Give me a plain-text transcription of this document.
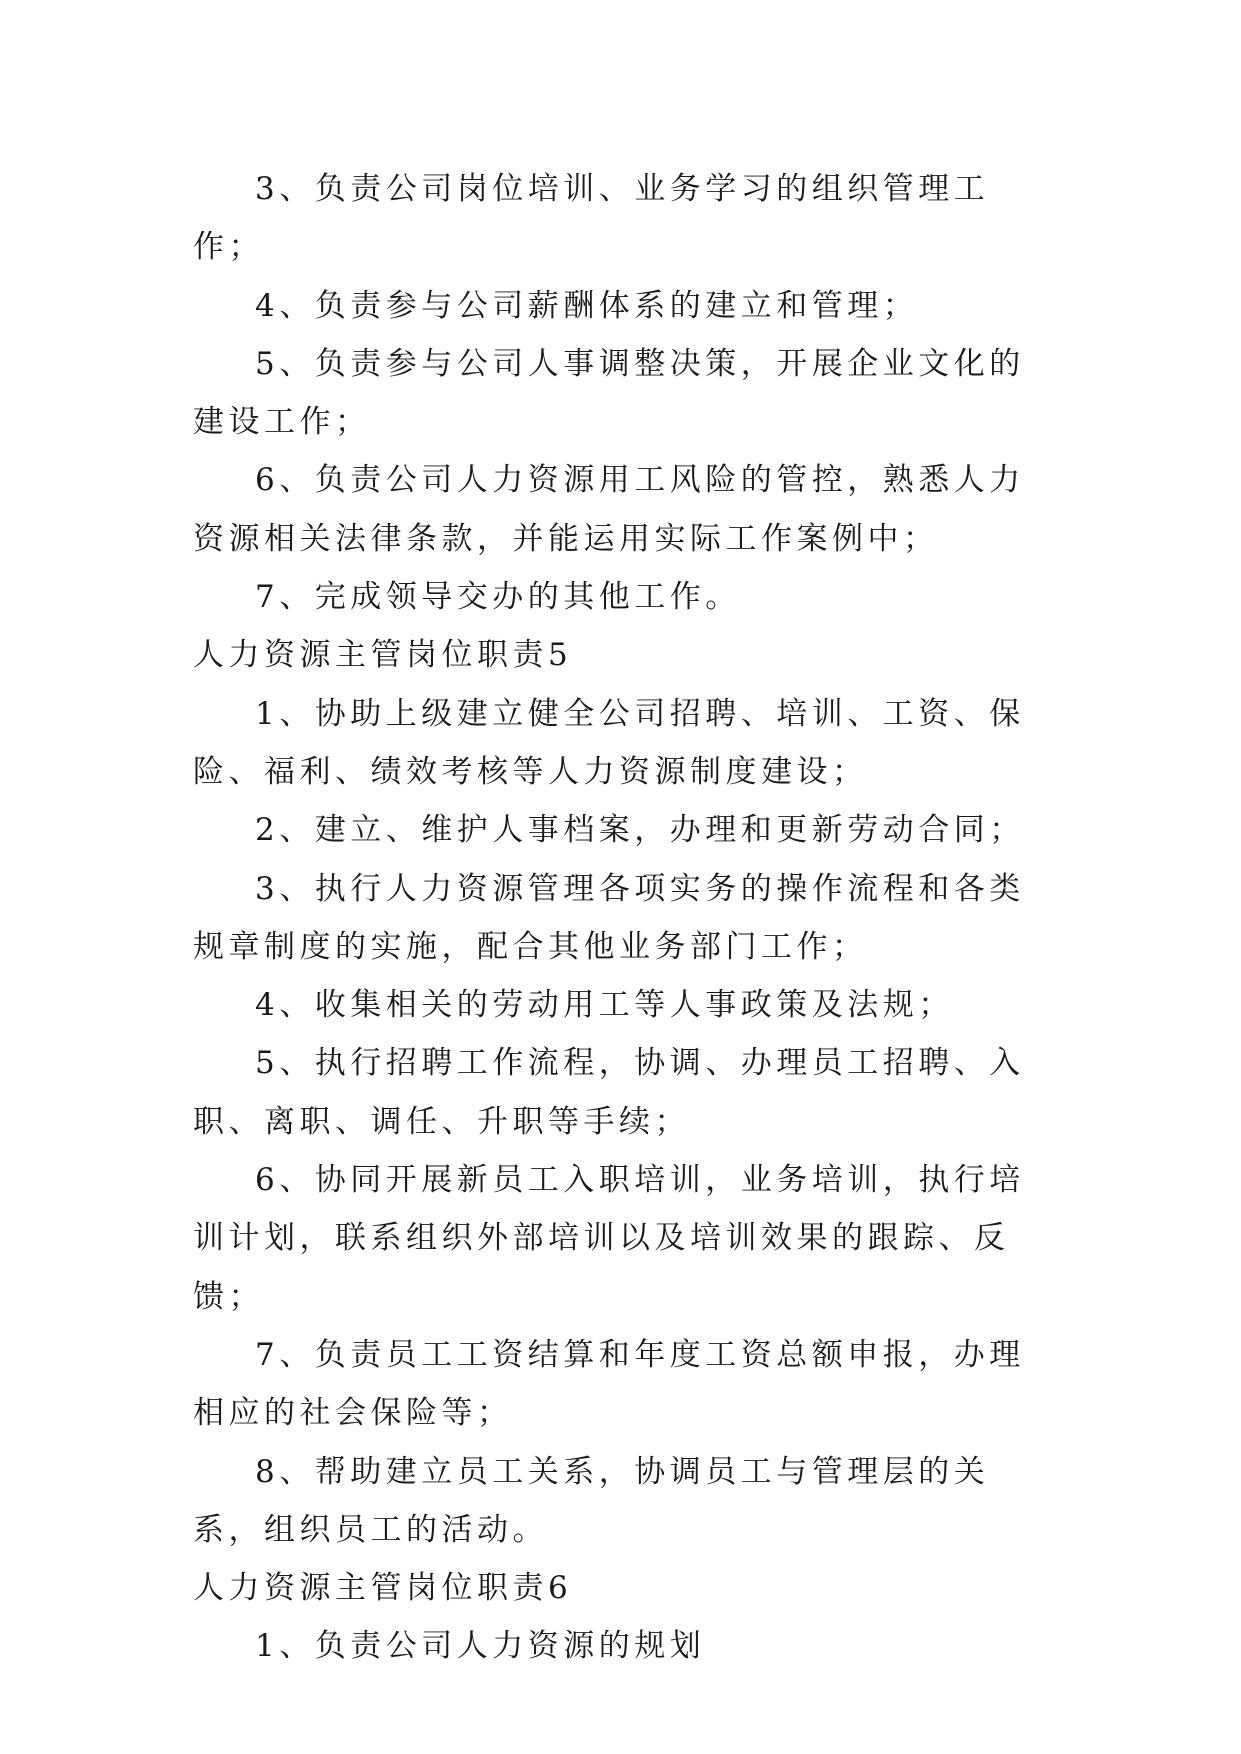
3、负责公司岗位培训、业务学习的组织管理工作；

4、负责参与公司薪酬体系的建立和管理；

5、负责参与公司人事调整决策，开展企业文化的建设工作；

6、负责公司人力资源用工风险的管控，熟悉人力资源相关法律条款，并能运用实际工作案例中；

7、完成领导交办的其他工作。

人力资源主管岗位职责5

1、协助上级建立健全公司招聘、培训、工资、保险、福利、绩效考核等人力资源制度建设；

2、建立、维护人事档案，办理和更新劳动合同；

3、执行人力资源管理各项实务的操作流程和各类规章制度的实施，配合其他业务部门工作；

4、收集相关的劳动用工等人事政策及法规；

5、执行招聘工作流程，协调、办理员工招聘、入职、离职、调任、升职等手续；

6、协同开展新员工入职培训，业务培训，执行培训计划，联系组织外部培训以及培训效果的跟踪、反馈；

7、负责员工工资结算和年度工资总额申报，办理相应的社会保险等；

8、帮助建立员工关系，协调员工与管理层的关系，组织员工的活动。

人力资源主管岗位职责6

1、负责公司人力资源的规划
